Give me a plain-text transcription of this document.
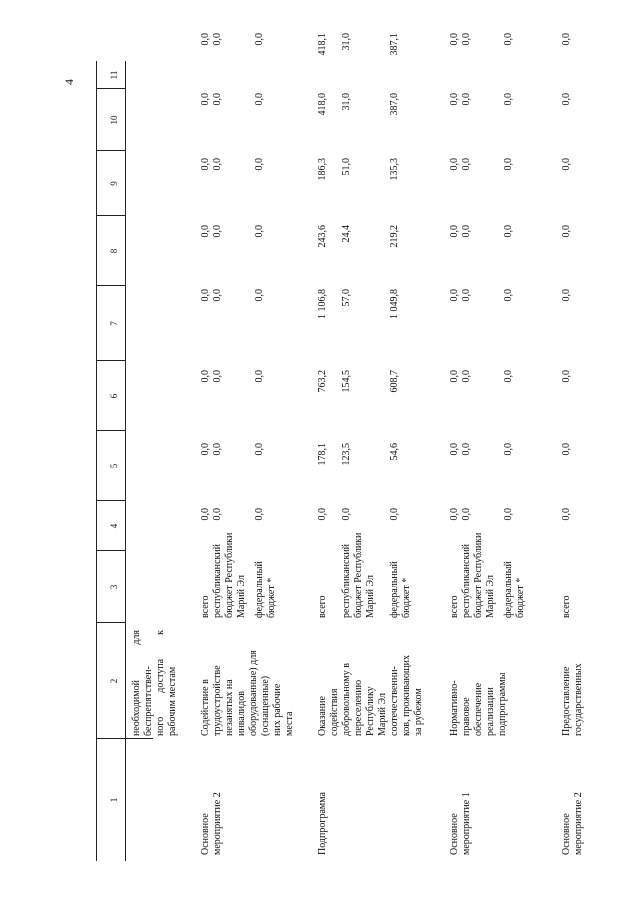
4
1
2
3
4
5
6
7
8
9
10
11
необходимой для беспрепятствен- ного доступа к рабочим местам
Основное мероприятие 2
Содействие в трудоустройстве незанятых на инвалидов оборудованные) для (оснащенные) них рабочие места
всего
0,0
0,0
0,0
0,0
0,0
0,0
0,0
0,0
республиканский бюджет Республики Марий Эл
0,0
0,0
0,0
0,0
0,0
0,0
0,0
0,0
федеральный бюджет *
0,0
0,0
0,0
0,0
0,0
0,0
0,0
0,0
Подпрограмма
Оказание содействия добровольному в переселению Республику Марий Эл соотечественни- ков, проживающих за рубежом
всего
0,0
178,1
763,2
1 106,8
243,6
186,3
418,0
418,1
республиканский бюджет Республики Марий Эл
0,0
123,5
154,5
57,0
24,4
51,0
31,0
31,0
федеральный бюджет *
0,0
54,6
608,7
1 049,8
219,2
135,3
387,0
387,1
Основное мероприятие 1
Нормативно- правовое обеспечение реализации подпрограммы
всего
0,0
0,0
0,0
0,0
0,0
0,0
0,0
0,0
республиканский бюджет Республики Марий Эл
0,0
0,0
0,0
0,0
0,0
0,0
0,0
0,0
федеральный бюджет *
0,0
0,0
0,0
0,0
0,0
0,0
0,0
0,0
Основное мероприятие 2
Предоставление государственных
всего
0,0
0,0
0,0
0,0
0,0
0,0
0,0
0,0
